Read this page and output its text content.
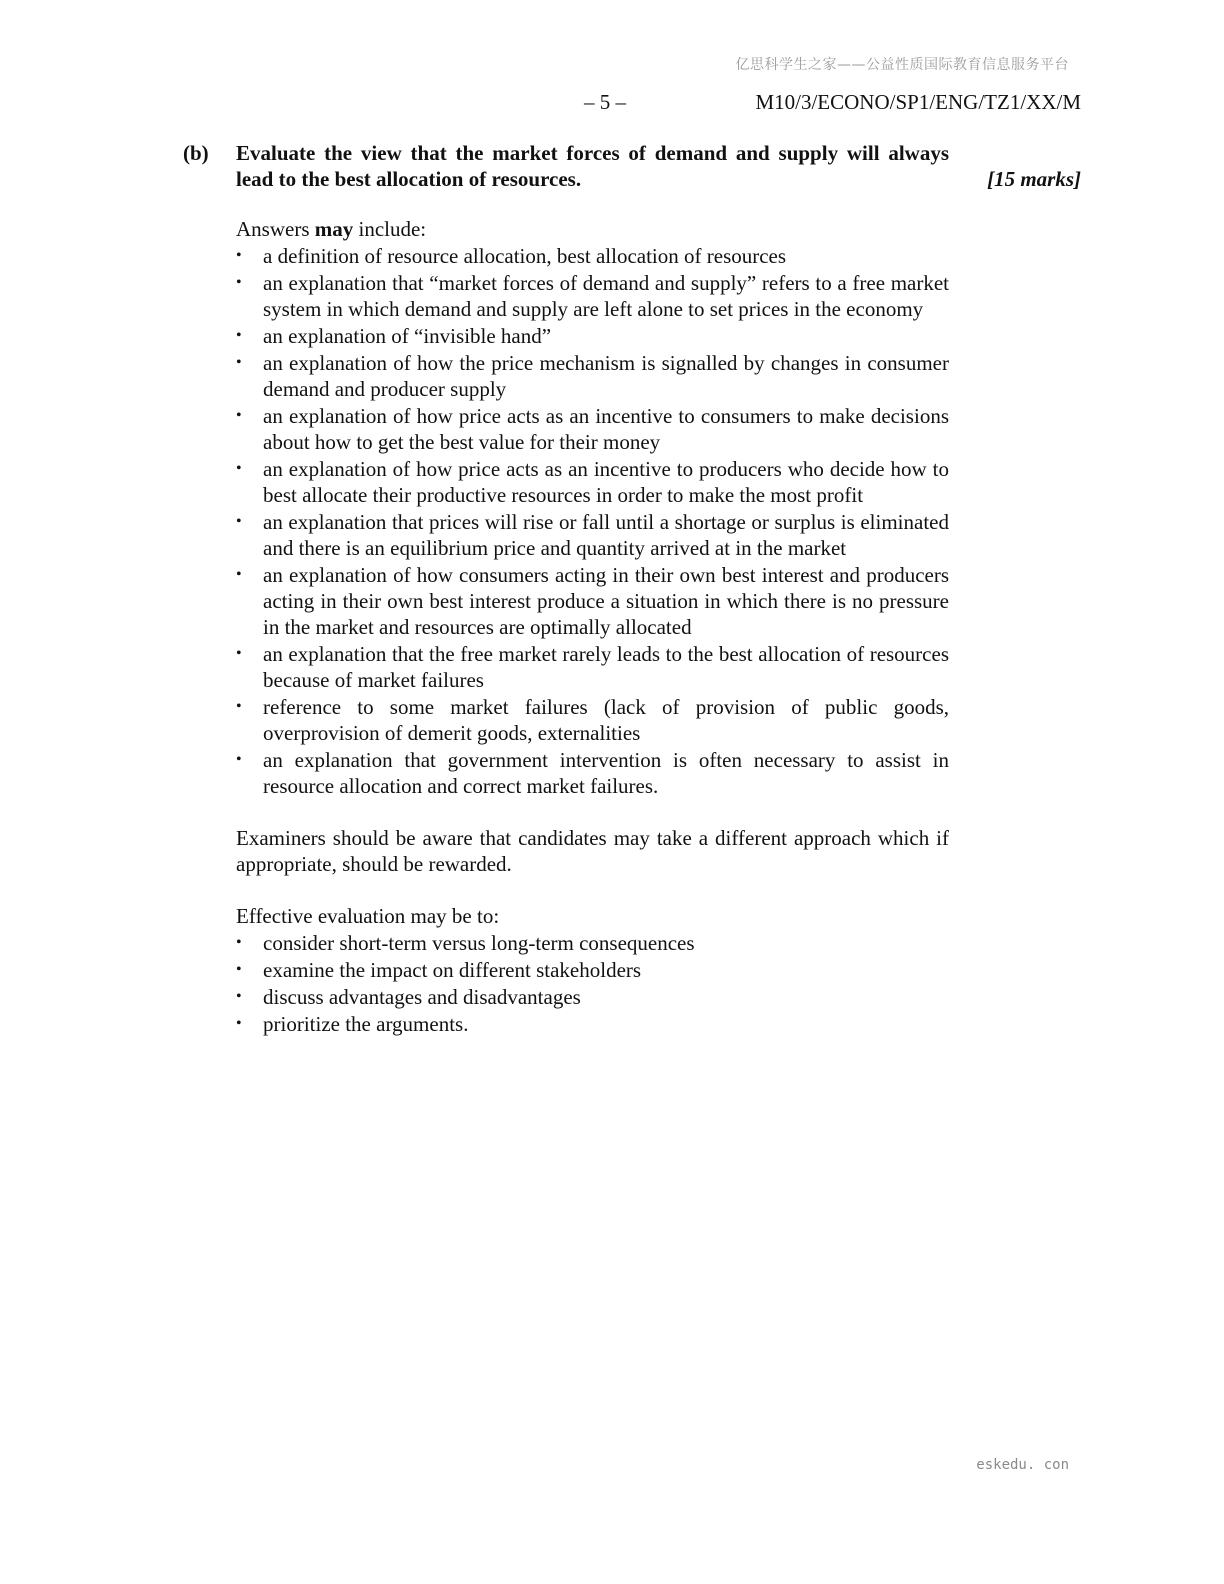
亿思科学生之家——公益性质国际教育信息服务平台
– 5 –	M10/3/ECONO/SP1/ENG/TZ1/XX/M
(b) Evaluate the view that the market forces of demand and supply will always lead to the best allocation of resources.	[15 marks]

Answers may include:

•	a definition of resource allocation, best allocation of resources
•	an explanation that “market forces of demand and supply” refers to a free market system in which demand and supply are left alone to set prices in the economy
•	an explanation of “invisible hand”
•	an explanation of how the price mechanism is signalled by changes in consumer demand and producer supply
•	an explanation of how price acts as an incentive to consumers to make decisions about how to get the best value for their money
•	an explanation of how price acts as an incentive to producers who decide how to best allocate their productive resources in order to make the most profit
•	an explanation that prices will rise or fall until a shortage or surplus is eliminated and there is an equilibrium price and quantity arrived at in the market
•	an explanation of how consumers acting in their own best interest and producers acting in their own best interest produce a situation in which there is no pressure in the market and resources are optimally allocated
•	an explanation that the free market rarely leads to the best allocation of resources because of market failures
•	reference to some market failures (lack of provision of public goods, overprovision of demerit goods, externalities
•	an explanation that government intervention is often necessary to assist in resource allocation and correct market failures.

Examiners should be aware that candidates may take a different approach which if appropriate, should be rewarded.

Effective evaluation may be to:

•	consider short-term versus long-term consequences
•	examine the impact on different stakeholders
•	discuss advantages and disadvantages
•	prioritize the arguments.
eskedu. con
